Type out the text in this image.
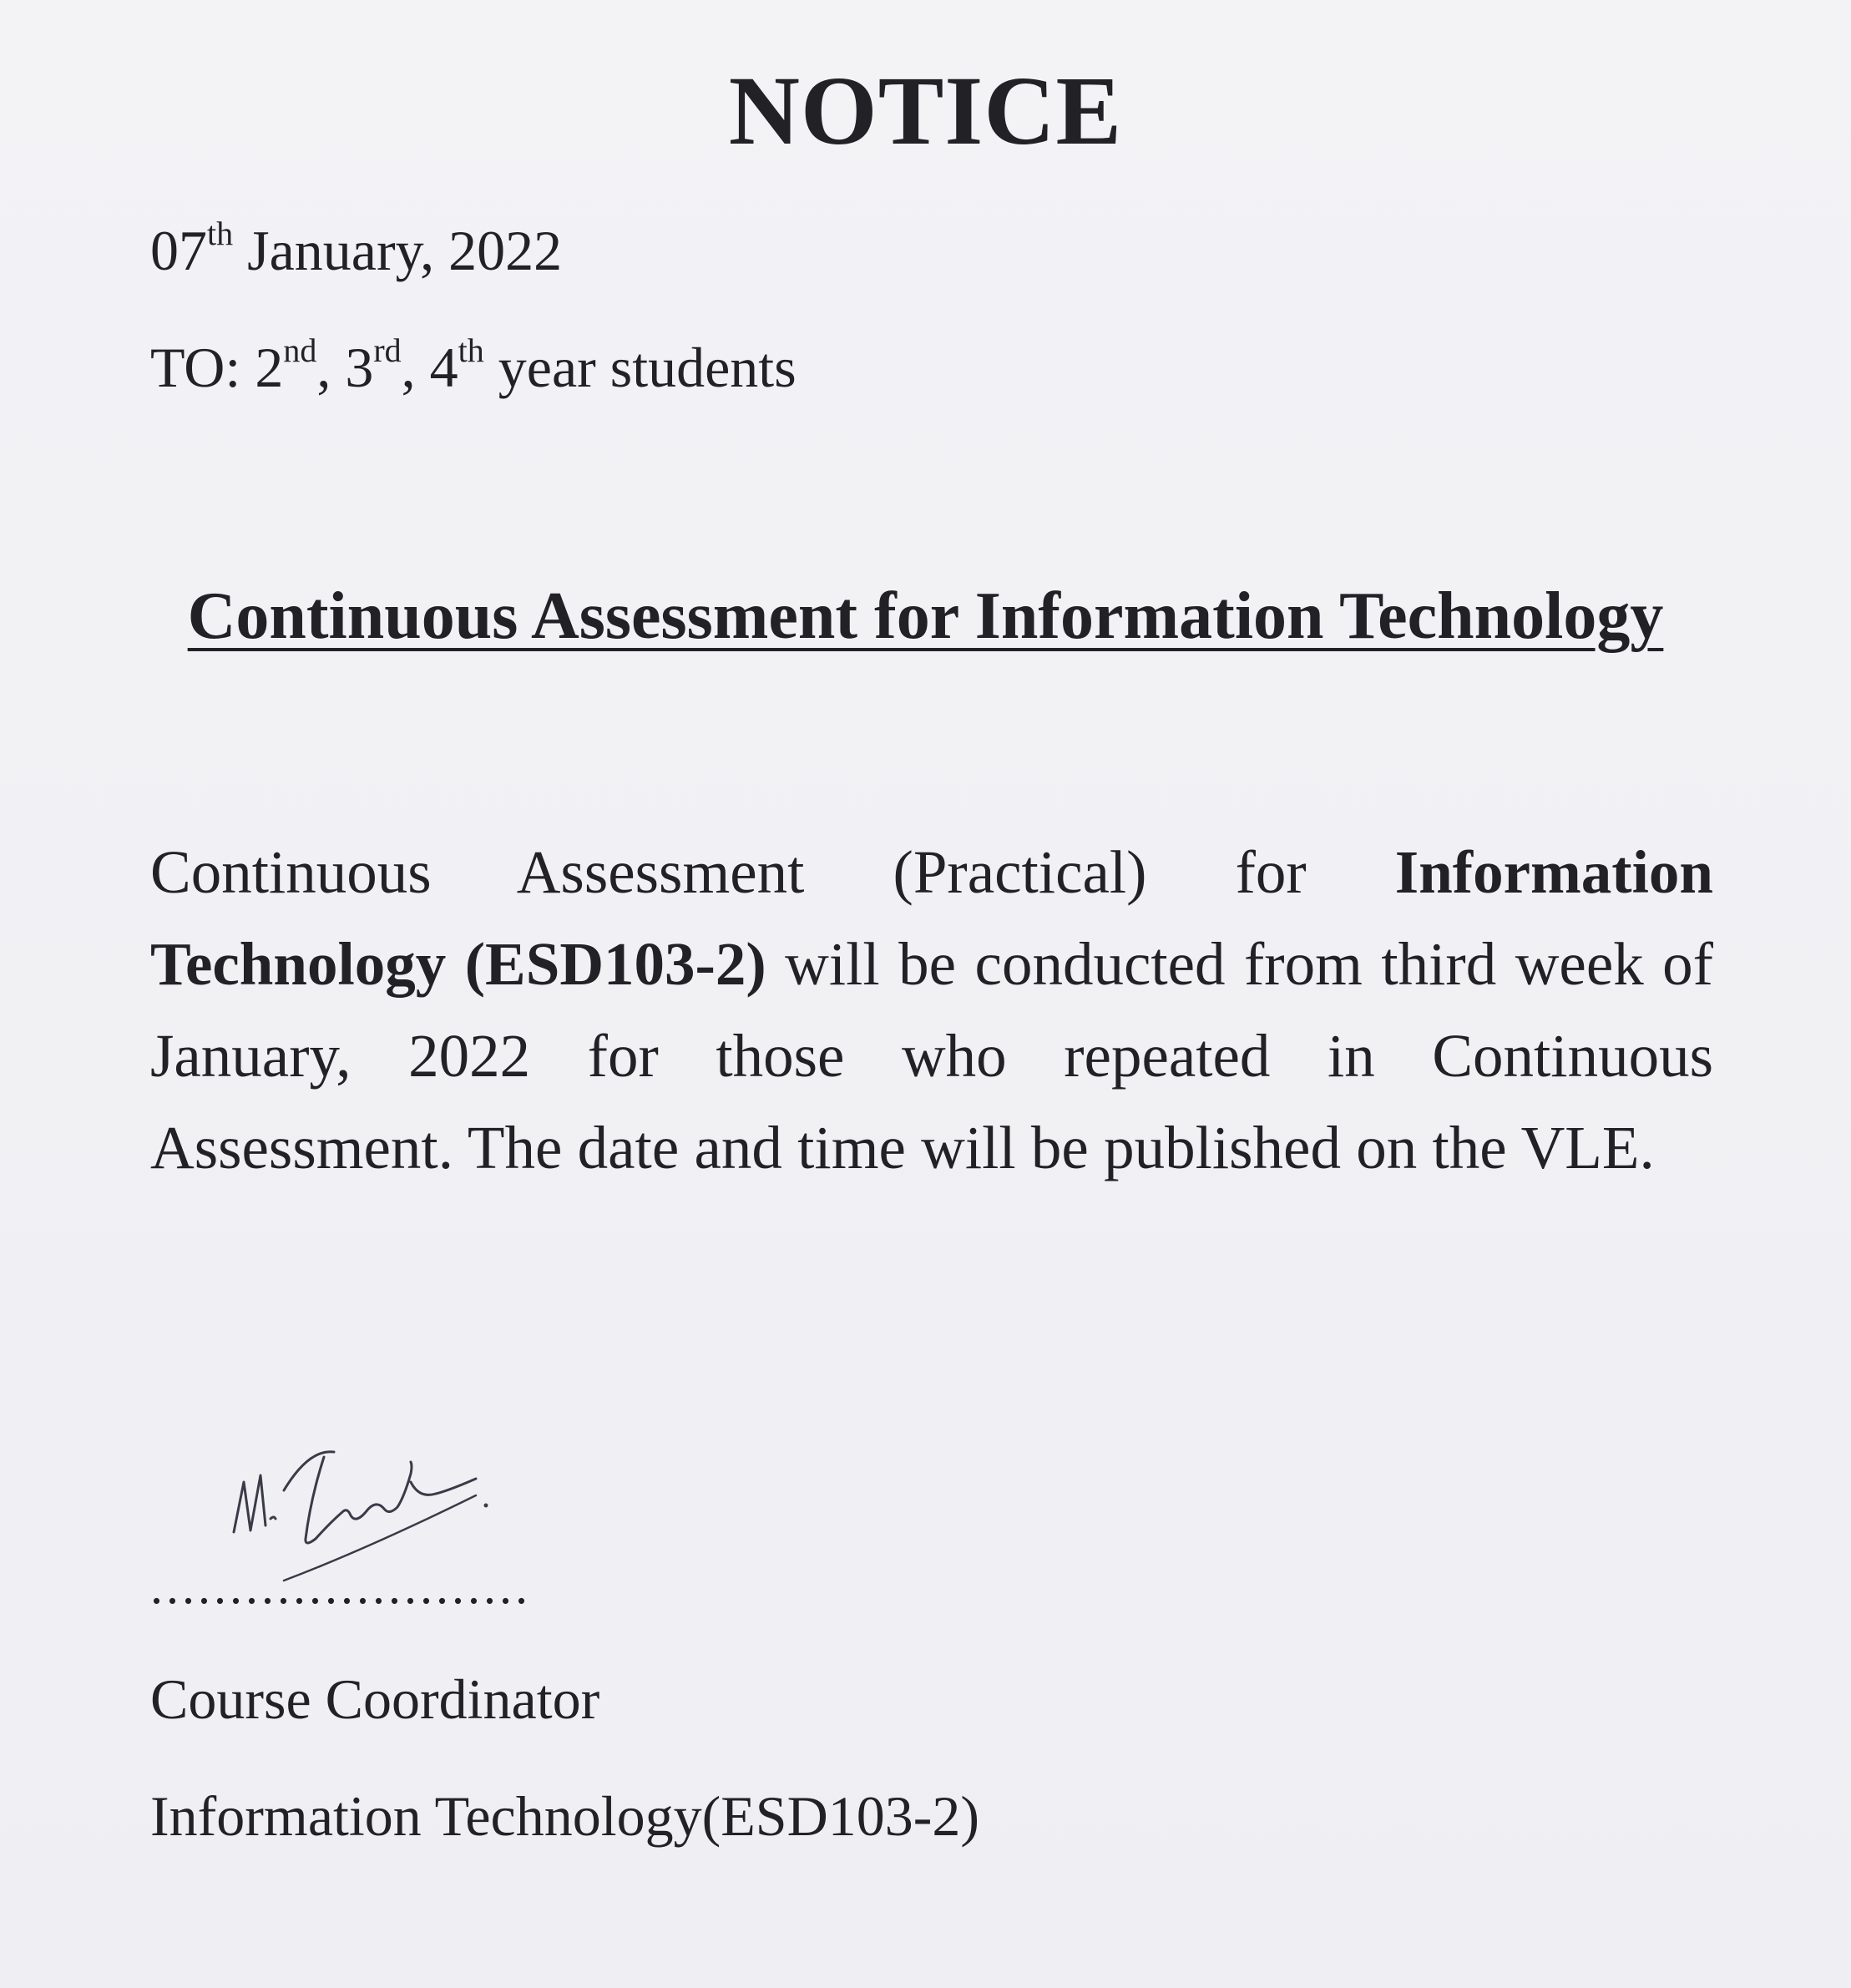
NOTICE
07th January, 2022
TO: 2nd, 3rd, 4th year students
Continuous Assessment for Information Technology
Continuous Assessment (Practical) for Information Technology (ESD103-2) will be conducted from third week of January, 2022 for those who repeated in Continuous Assessment. The date and time will be published on the VLE.
........................
Course Coordinator
Information Technology(ESD103-2)
